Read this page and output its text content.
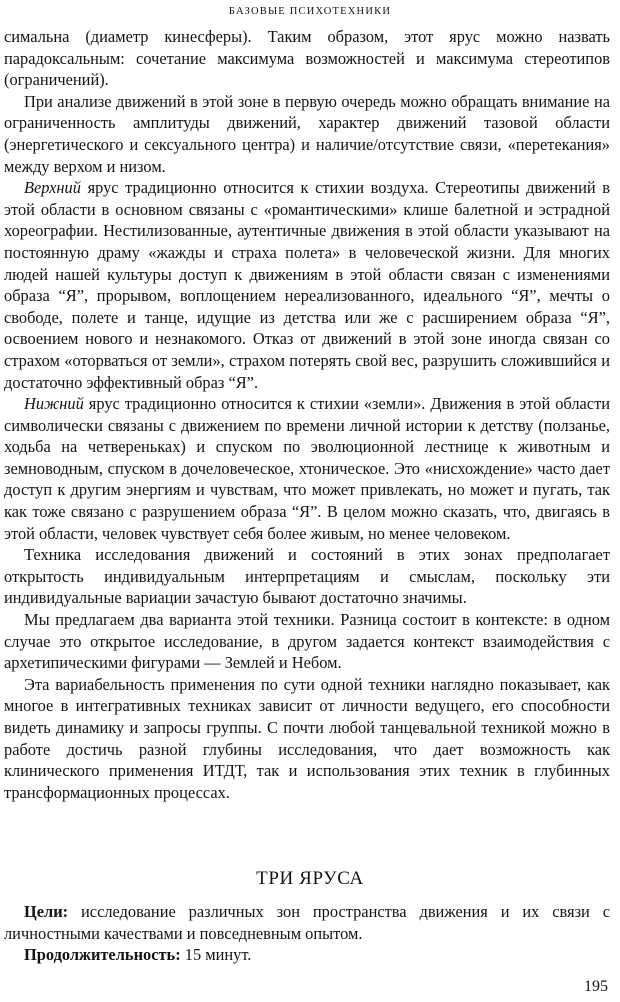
БАЗОВЫЕ ПСИХОТЕХНИКИ

симальна (диаметр кинесферы). Таким образом, этот ярус можно назвать парадоксальным: сочетание максимума возможностей и максимума стереотипов (ограничений).

При анализе движений в этой зоне в первую очередь можно обращать внимание на ограниченность амплитуды движений, характер движений тазовой области (энергетического и сексуального центра) и наличие/отсутствие связи, «перетекания» между верхом и низом.

Верхний ярус традиционно относится к стихии воздуха. Стереотипы движений в этой области в основном связаны с «романтическими» клише балетной и эстрадной хореографии. Нестилизованные, аутентичные движения в этой области указывают на постоянную драму «жажды и страха полета» в человеческой жизни. Для многих людей нашей культуры доступ к движениям в этой области связан с изменениями образа “Я”, прорывом, воплощением нереализованного, идеального “Я”, мечты о свободе, полете и танце, идущие из детства или же с расширением образа “Я”, освоением нового и незнакомого. Отказ от движений в этой зоне иногда связан со страхом «оторваться от земли», страхом потерять свой вес, разрушить сложившийся и достаточно эффективный образ “Я”.

Нижний ярус традиционно относится к стихии «земли». Движения в этой области символически связаны с движением по времени личной истории к детству (ползанье, ходьба на четвереньках) и спуском по эволюционной лестнице к животным и земноводным, спуском в дочеловеческое, хтоническое. Это «нисхождение» часто дает доступ к другим энергиям и чувствам, что может привлекать, но может и пугать, так как тоже связано с разрушением образа “Я”. В целом можно сказать, что, двигаясь в этой области, человек чувствует себя более живым, но менее человеком.

Техника исследования движений и состояний в этих зонах предполагает открытость индивидуальным интерпретациям и смыслам, поскольку эти индивидуальные вариации зачастую бывают достаточно значимы.

Мы предлагаем два варианта этой техники. Разница состоит в контексте: в одном случае это открытое исследование, в другом задается контекст взаимодействия с архетипическими фигурами — Землей и Небом.

Эта вариабельность применения по сути одной техники наглядно показывает, как многое в интегративных техниках зависит от личности ведущего, его способности видеть динамику и запросы группы. С почти любой танцевальной техникой можно в работе достичь разной глубины исследования, что дает возможность как клинического применения ИТДТ, так и использования этих техник в глубинных трансформационных процессах.

ТРИ ЯРУСА

Цели: исследование различных зон пространства движения и их связи с личностными качествами и повседневным опытом.

Продолжительность: 15 минут.

195
